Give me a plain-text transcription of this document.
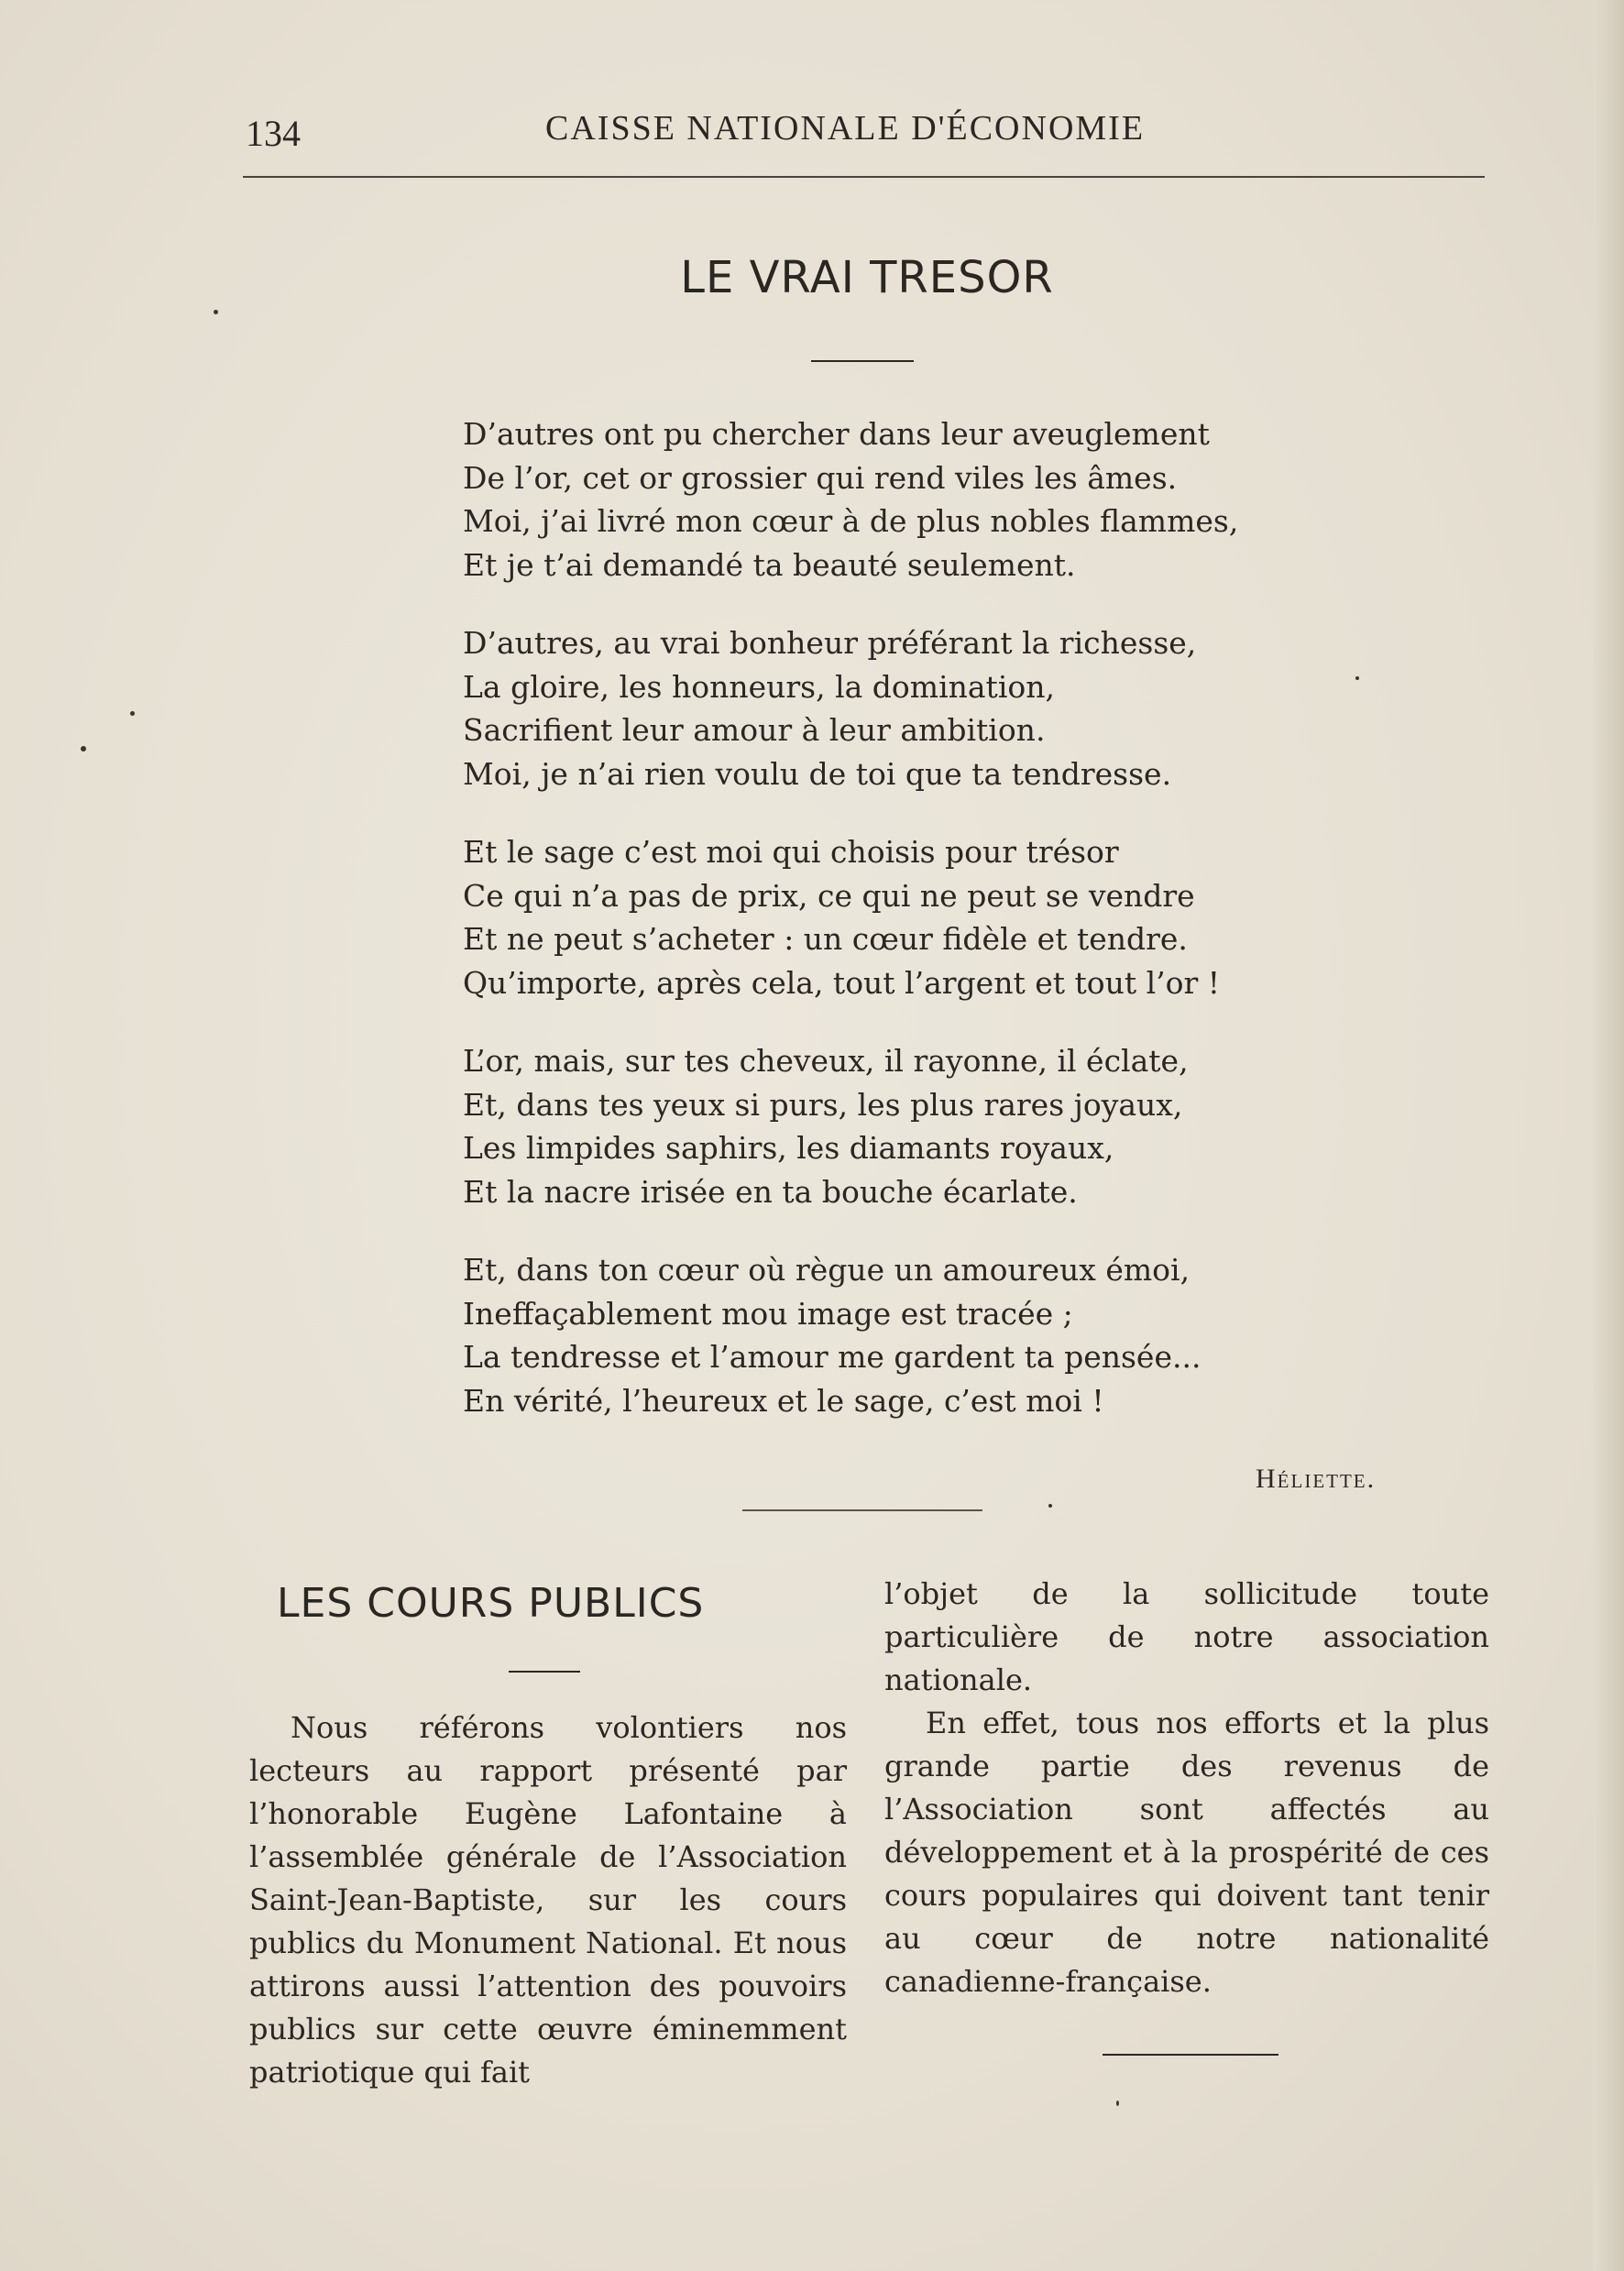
134	CAISSE NATIONALE D'ÉCONOMIE
LE VRAI TRESOR
D’autres ont pu chercher dans leur aveuglement
De l’or, cet or grossier qui rend viles les âmes.
Moi, j’ai livré mon cœur à de plus nobles flammes,
Et je t’ai demandé ta beauté seulement.
D’autres, au vrai bonheur préférant la richesse,
La gloire, les honneurs, la domination,
Sacrifient leur amour à leur ambition.
Moi, je n’ai rien voulu de toi que ta tendresse.
Et le sage c’est moi qui choisis pour trésor
Ce qui n’a pas de prix, ce qui ne peut se vendre
Et ne peut s’acheter : un cœur fidèle et tendre.
Qu’importe, après cela, tout l’argent et tout l’or !
L’or, mais, sur tes cheveux, il rayonne, il éclate,
Et, dans tes yeux si purs, les plus rares joyaux,
Les limpides saphirs, les diamants royaux,
Et la nacre irisée en ta bouche écarlate.
Et, dans ton cœur où règue un amoureux émoi,
Ineffaçablement mou image est tracée ;
La tendresse et l’amour me gardent ta pensée...
En vérité, l’heureux et le sage, c’est moi !
Héliette.
LES COURS PUBLICS

Nous référons volontiers nos lecteurs au rapport présenté par l’honorable Eugène Lafontaine à l’assemblée générale de l’Association Saint-Jean-Baptiste, sur les cours publics du Monument National. Et nous attirons aussi l’attention des pouvoirs publics sur cette œuvre éminemment patriotique qui fait

l’objet de la sollicitude toute particulière de notre association nationale.

En effet, tous nos efforts et la plus grande partie des revenus de l’Association sont affectés au développement et à la prospérité de ces cours populaires qui doivent tant tenir au cœur de notre nationalité canadienne-française.
